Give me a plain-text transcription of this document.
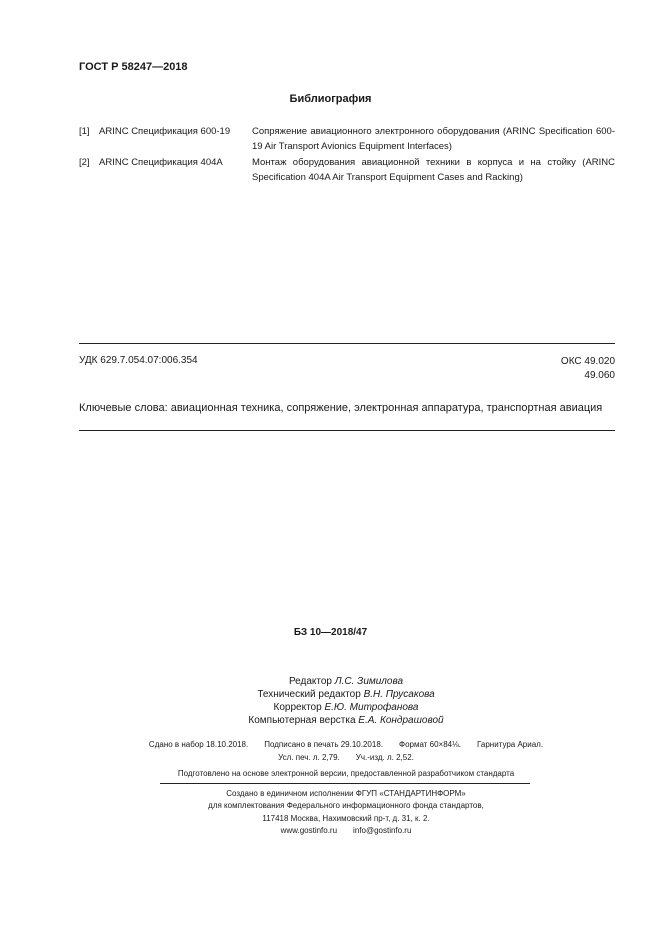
ГОСТ Р 58247—2018
Библиография
[1] ARINC Спецификация 600-19 Сопряжение авиационного электронного оборудования (ARINC Specification 600-19 Air Transport Avionics Equipment Interfaces)
[2] ARINC Спецификация 404А	Монтаж оборудования авиационной техники в корпуса и на стойку (ARINC Specification 404A Air Transport Equipment Cases and Racking)
УДК 629.7.054.07:006.354	ОКС 49.020
49.060
Ключевые слова: авиационная техника, сопряжение, электронная аппаратура, транспортная авиация
БЗ 10—2018/47
Редактор Л.С. Зимилова
Технический редактор В.Н. Прусакова
Корректор Е.Ю. Митрофанова
Компьютерная верстка Е.А. Кондрашовой
Сдано в набор 18.10.2018. Подписано в печать 29.10.2018. Формат 60×84⅛. Гарнитура Ариал.
Усл. печ. л. 2,79. Уч.-изд. л. 2,52.
Подготовлено на основе электронной версии, предоставленной разработчиком стандарта
Создано в единичном исполнении ФГУП «СТАНДАРТИНФОРМ»
для комплектования Федерального информационного фонда стандартов,
117418 Москва, Нахимовский пр-т, д. 31, к. 2.
www.gostinfo.ru info@gostinfo.ru
